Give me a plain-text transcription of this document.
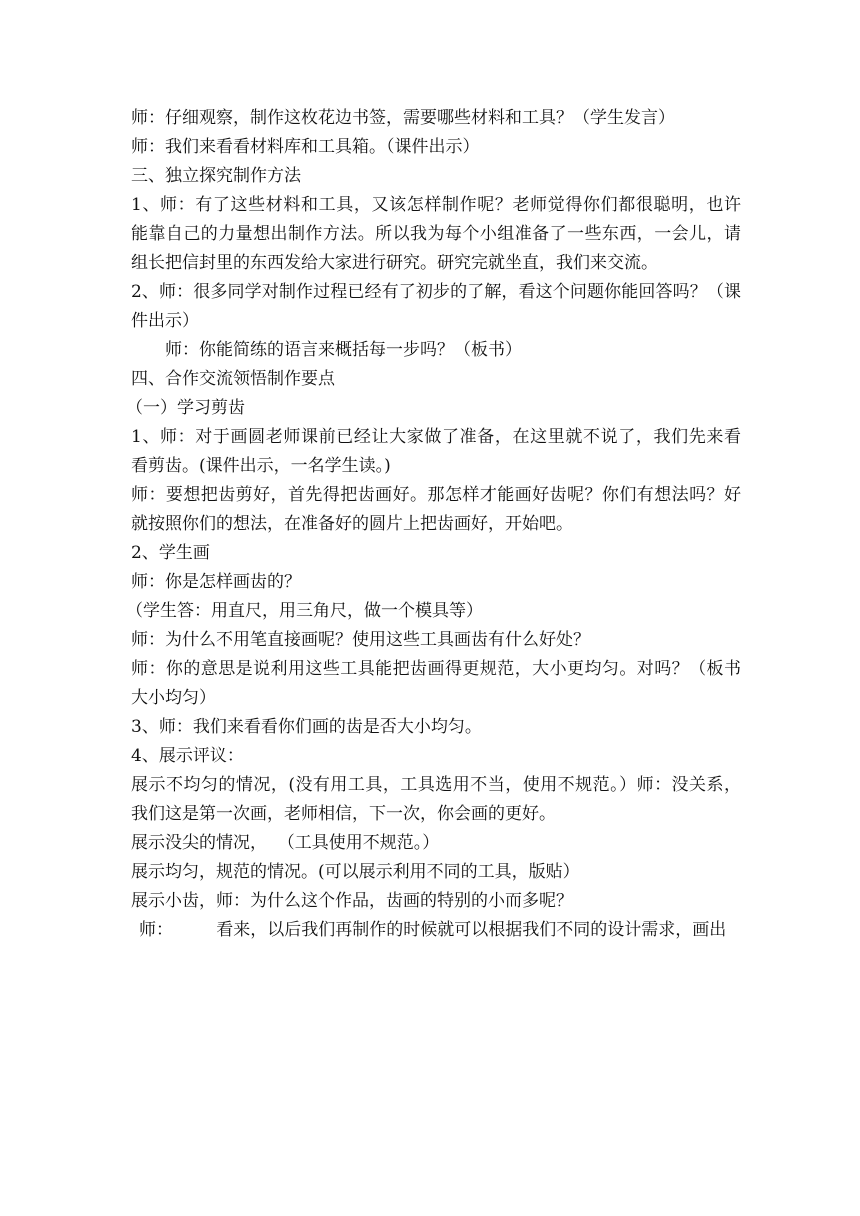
师：仔细观察，制作这枚花边书签，需要哪些材料和工具？（学生发言）
师：我们来看看材料库和工具箱。（课件出示）
三、独立探究制作方法
1、师：有了这些材料和工具，又该怎样制作呢？老师觉得你们都很聪明，也许
能靠自己的力量想出制作方法。所以我为每个小组准备了一些东西，一会儿，请
组长把信封里的东西发给大家进行研究。研究完就坐直，我们来交流。
2、师：很多同学对制作过程已经有了初步的了解，看这个问题你能回答吗？（课
件出示）
师：你能简练的语言来概括每一步吗？（板书）
四、合作交流领悟制作要点
（一）学习剪齿
1、师：对于画圆老师课前已经让大家做了准备，在这里就不说了，我们先来看
看剪齿。(课件出示，一名学生读。)
师：要想把齿剪好，首先得把齿画好。那怎样才能画好齿呢？你们有想法吗？好
就按照你们的想法，在准备好的圆片上把齿画好，开始吧。
2、学生画
师：你是怎样画齿的？
（学生答：用直尺，用三角尺，做一个模具等）
师：为什么不用笔直接画呢？使用这些工具画齿有什么好处？
师：你的意思是说利用这些工具能把齿画得更规范，大小更均匀。对吗？（板书
大小均匀）
3、师：我们来看看你们画的齿是否大小均匀。
4、展示评议：
展示不均匀的情况，(没有用工具，工具选用不当，使用不规范。）师：没关系，
我们这是第一次画，老师相信，下一次，你会画的更好。
展示没尖的情况，  （工具使用不规范。）
展示均匀，规范的情况。(可以展示利用不同的工具，版贴）
展示小齿，师：为什么这个作品，齿画的特别的小而多呢？
师：        看来，以后我们再制作的时候就可以根据我们不同的设计需求，画出
